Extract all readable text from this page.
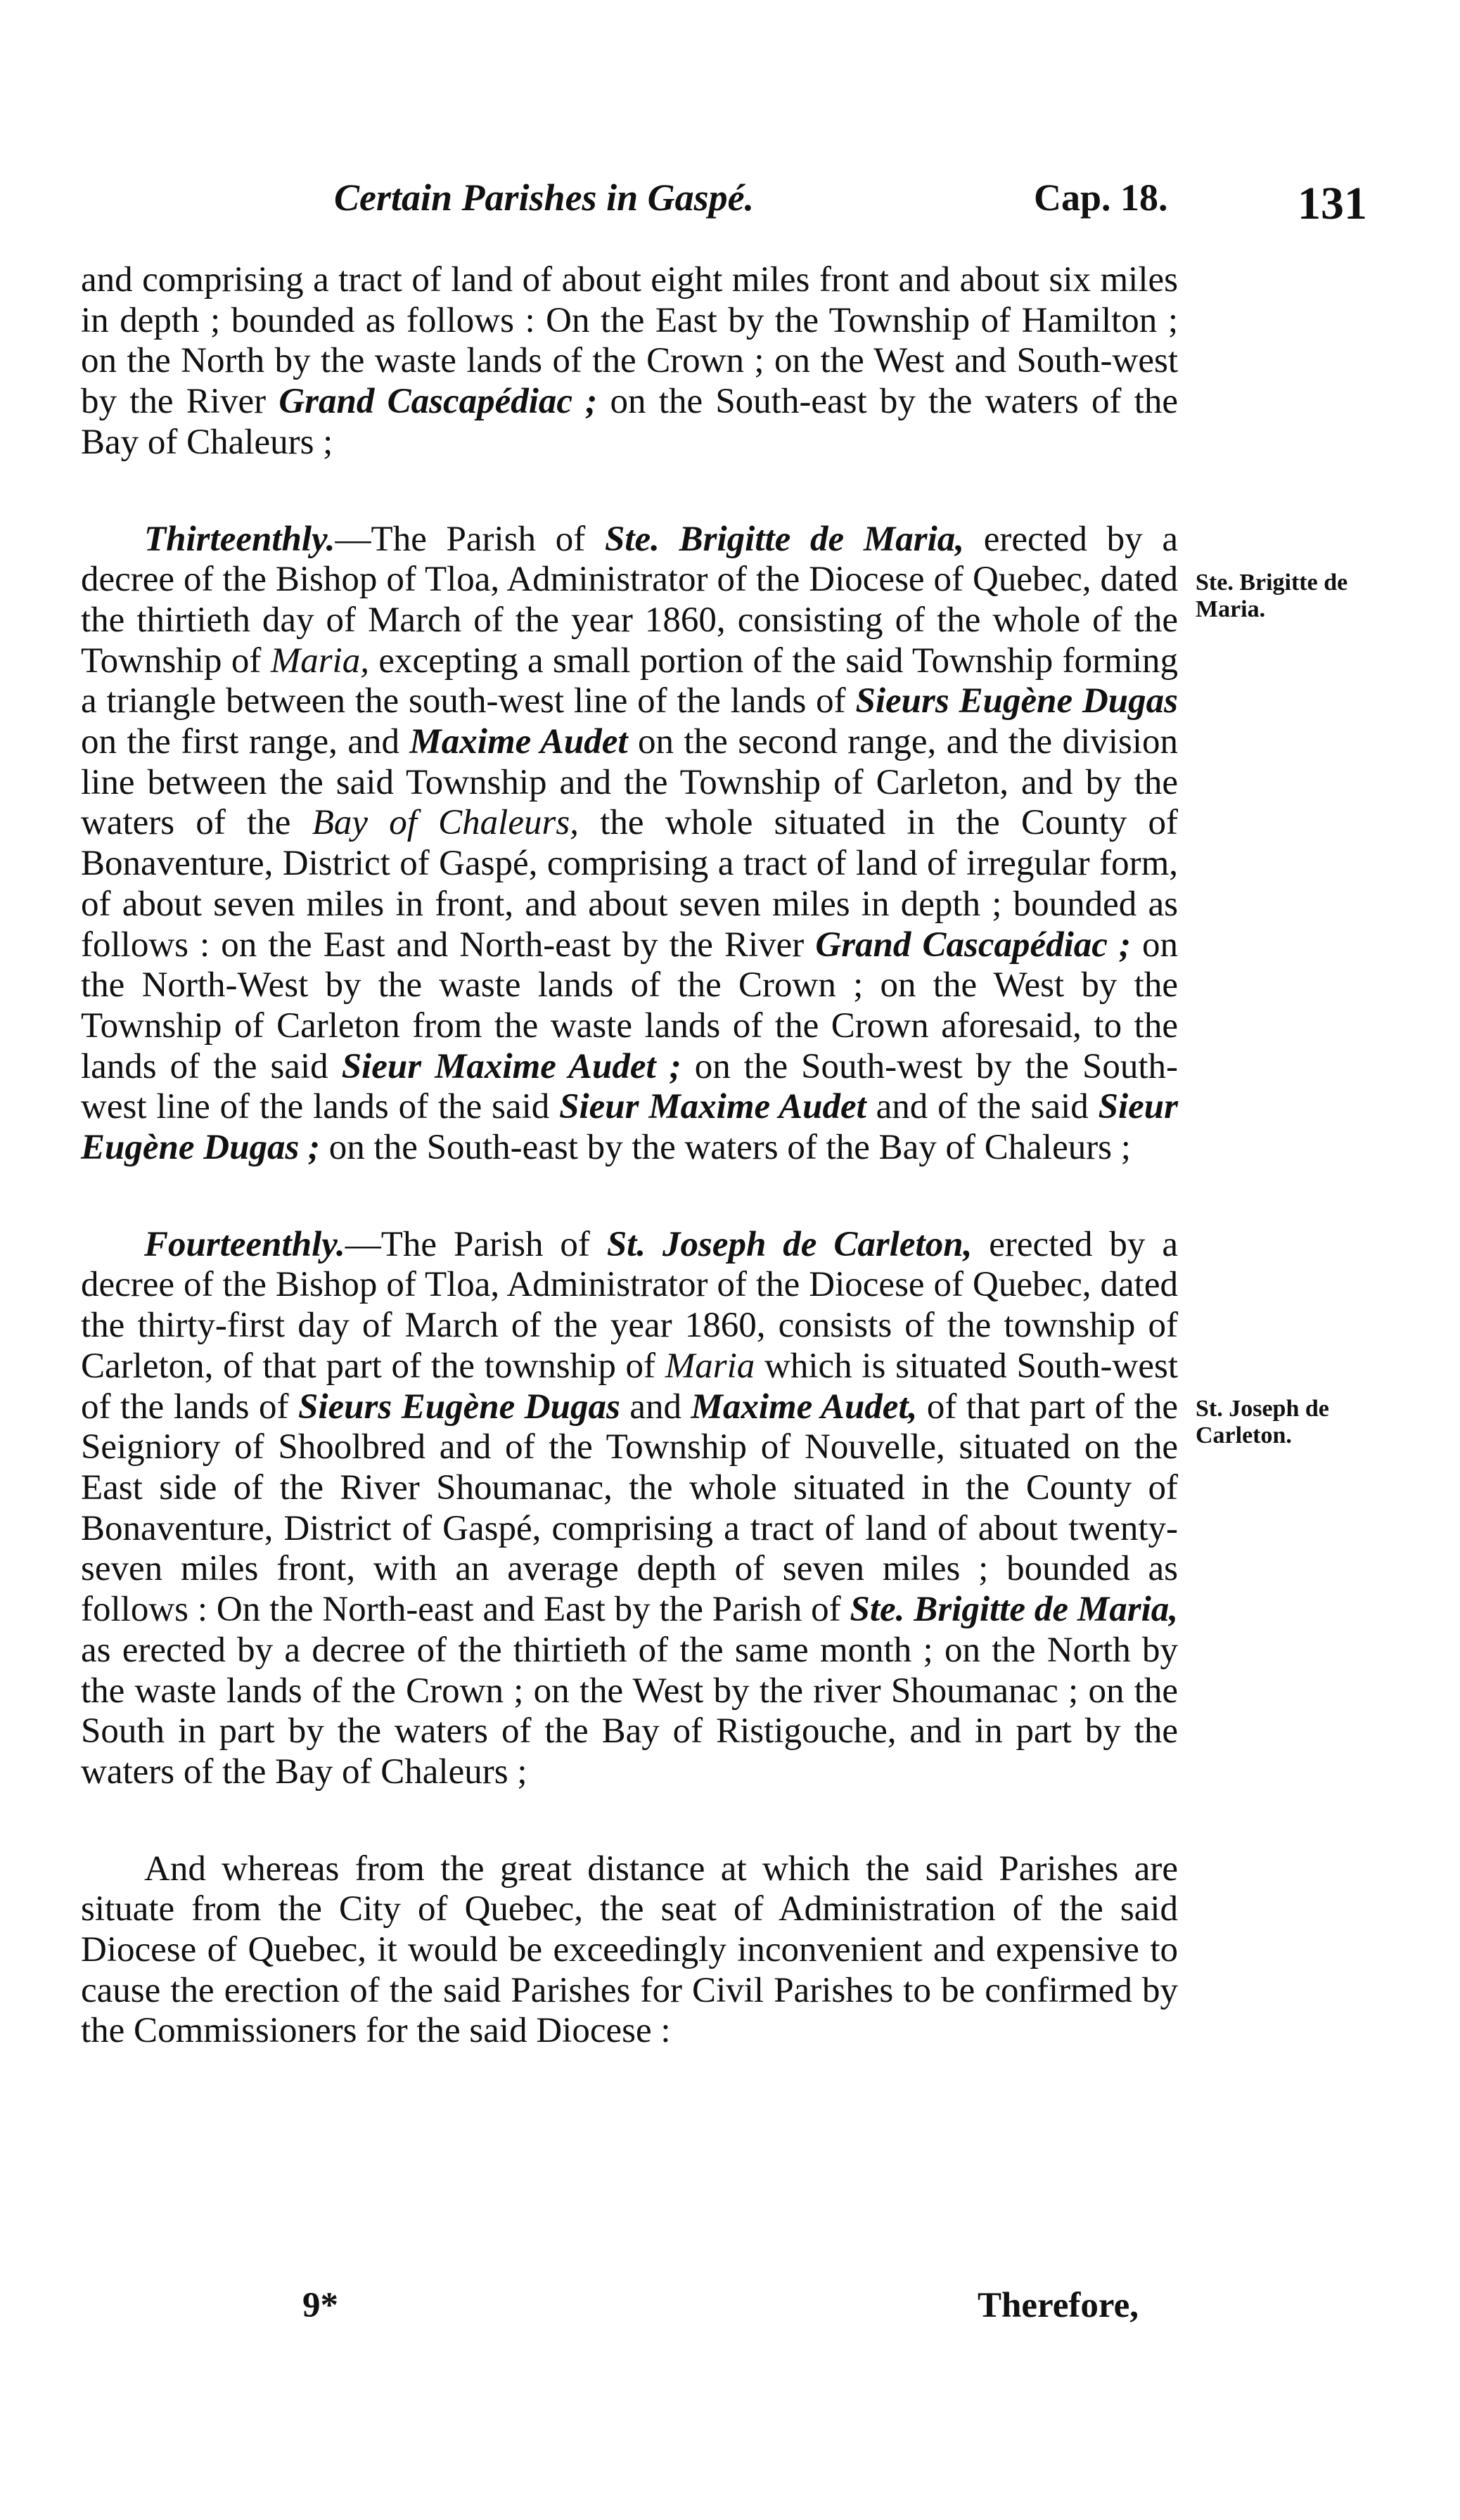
Certain Parishes in Gaspé.	Cap. 18.	131

and comprising a tract of land of about eight miles front and about six miles in depth ; bounded as follows : On the East by the Township of Hamilton ; on the North by the waste lands of the Crown ; on the West and South-west by the River Grand Cascapédiac ; on the South-east by the waters of the Bay of Chaleurs ;

Thirteenthly.—The Parish of Ste. Brigitte de Maria, erected by a decree of the Bishop of Tloa, Administrator of the Diocese of Quebec, dated the thirtieth day of March of the year 1860, consisting of the whole of the Township of Maria, excepting a small portion of the said Township forming a triangle between the south-west line of the lands of Sieurs Eugène Dugas on the first range, and Maxime Audet on the second range, and the division line between the said Township and the Township of Carleton, and by the waters of the Bay of Chaleurs, the whole situated in the County of Bonaventure, District of Gaspé, comprising a tract of land of irregular form, of about seven miles in front, and about seven miles in depth ; bounded as follows : on the East and North-east by the River Grand Cascapédiac ; on the North-West by the waste lands of the Crown ; on the West by the Township of Carleton from the waste lands of the Crown aforesaid, to the lands of the said Sieur Maxime Audet ; on the South-west by the South-west line of the lands of the said Sieur Maxime Audet and of the said Sieur Eugène Dugas ; on the South-east by the waters of the Bay of Chaleurs ;

Fourteenthly.—The Parish of St. Joseph de Carleton, erected by a decree of the Bishop of Tloa, Administrator of the Diocese of Quebec, dated the thirty-first day of March of the year 1860, consists of the township of Carleton, of that part of the township of Maria which is situated South-west of the lands of Sieurs Eugène Dugas and Maxime Audet, of that part of the Seigniory of Shoolbred and of the Township of Nouvelle, situated on the East side of the River Shoumanac, the whole situated in the County of Bonaventure, District of Gaspé, comprising a tract of land of about twenty-seven miles front, with an average depth of seven miles ; bounded as follows : On the North-east and East by the Parish of Ste. Brigitte de Maria, as erected by a decree of the thirtieth of the same month ; on the North by the waste lands of the Crown ; on the West by the river Shoumanac ; on the South in part by the waters of the Bay of Ristigouche, and in part by the waters of the Bay of Chaleurs ;

And whereas from the great distance at which the said Parishes are situate from the City of Quebec, the seat of Administration of the said Diocese of Quebec, it would be exceedingly inconvenient and expensive to cause the erection of the said Parishes for Civil Parishes to be confirmed by the Commissioners for the said Diocese :

Ste. Brigitte de
Maria.
St. Joseph de
Carleton.
9*	Therefore,
